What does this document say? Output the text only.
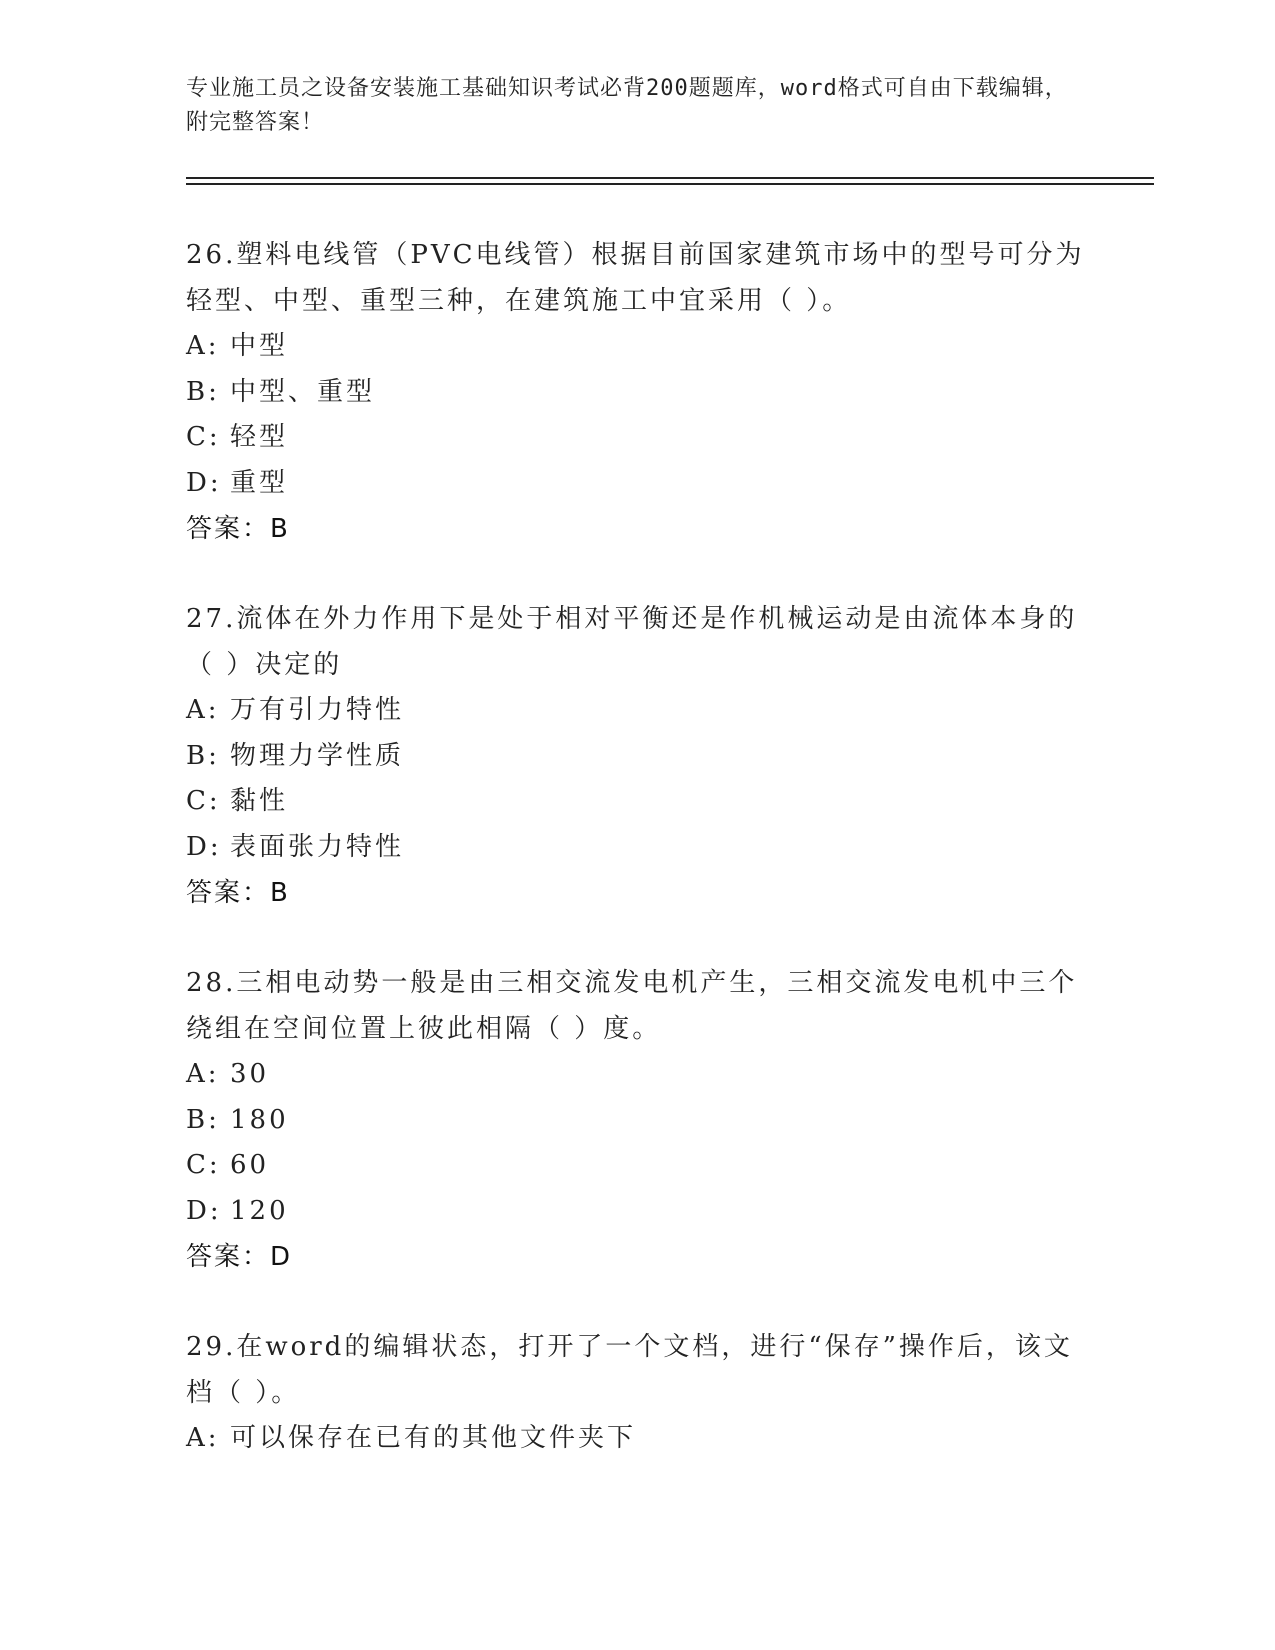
专业施工员之设备安装施工基础知识考试必背200题题库，word格式可自由下载编辑，附完整答案！

26.塑料电线管（PVC电线管）根据目前国家建筑市场中的型号可分为轻型、中型、重型三种，在建筑施工中宜采用（ ）。

A: 中型

B: 中型、重型

C: 轻型

D: 重型

答案：B

27.流体在外力作用下是处于相对平衡还是作机械运动是由流体本身的（ ）决定的

A: 万有引力特性

B: 物理力学性质

C: 黏性

D: 表面张力特性

答案：B

28.三相电动势一般是由三相交流发电机产生，三相交流发电机中三个绕组在空间位置上彼此相隔（ ）度。

A: 30

B: 180

C: 60

D: 120

答案：D

29.在word的编辑状态，打开了一个文档，进行“保存”操作后，该文档（ ）。

A: 可以保存在已有的其他文件夹下
